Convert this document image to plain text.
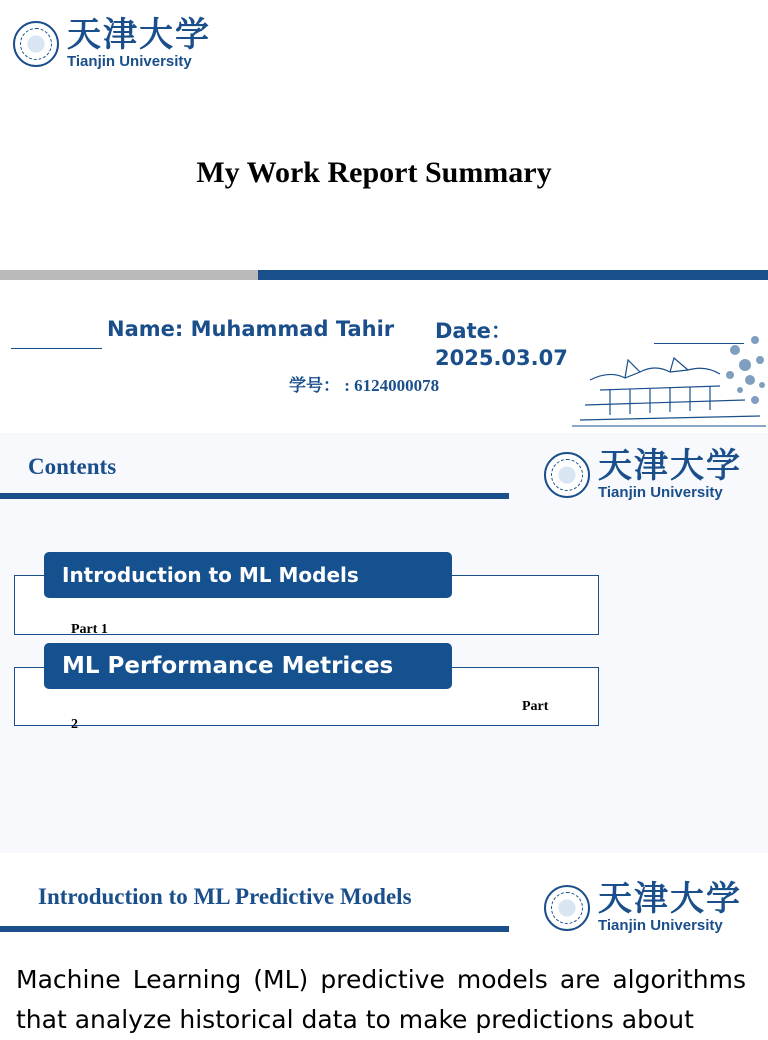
天津大学
Tianjin University
My Work Report Summary
Name: Muhammad Tahir Date：
2025.03.07
学号： : 6124000078
Contents	天津大学
Tianjin University
Introduction to ML Models
Part 1
ML Performance Metrices
Part
2
Introduction to ML Predictive Models	天津大学
Tianjin University
Machine Learning (ML) predictive models are algorithms that analyze historical data to make predictions about
